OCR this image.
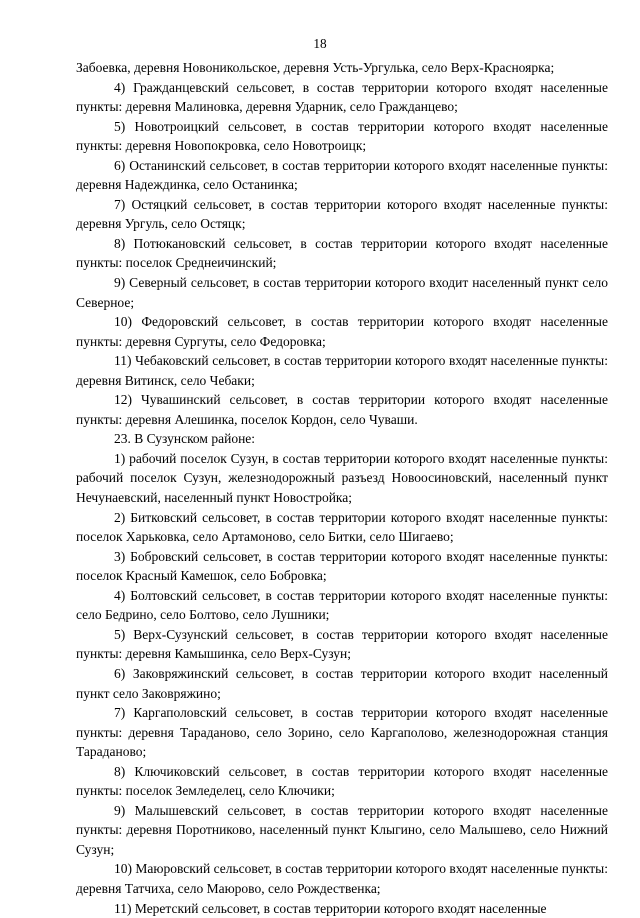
18

Забоевка, деревня Новоникольское, деревня Усть-Ургулька, село Верх-Красноярка;

4) Гражданцевский сельсовет, в состав территории которого входят населенные пункты: деревня Малиновка, деревня Ударник, село Гражданцево;

5) Новотроицкий сельсовет, в состав территории которого входят населенные пункты: деревня Новопокровка, село Новотроицк;

6) Останинский сельсовет, в состав территории которого входят населенные пункты: деревня Надеждинка, село Останинка;

7) Остяцкий сельсовет, в состав территории которого входят населенные пункты: деревня Ургуль, село Остяцк;

8) Потюкановский сельсовет, в состав территории которого входят населенные пункты: поселок Среднеичинский;

9) Северный сельсовет, в состав территории которого входит населенный пункт село Северное;

10) Федоровский сельсовет, в состав территории которого входят населенные пункты: деревня Сургуты, село Федоровка;

11) Чебаковский сельсовет, в состав территории которого входят населенные пункты: деревня Витинск, село Чебаки;

12) Чувашинский сельсовет, в состав территории которого входят населенные пункты: деревня Алешинка, поселок Кордон, село Чуваши.

23. В Сузунском районе:

1) рабочий поселок Сузун, в состав территории которого входят населенные пункты: рабочий поселок Сузун, железнодорожный разъезд Новоосиновский, населенный пункт Нечунаевский, населенный пункт Новостройка;

2) Битковский сельсовет, в состав территории которого входят населенные пункты: поселок Харьковка, село Артамоново, село Битки, село Шигаево;

3) Бобровский сельсовет, в состав территории которого входят населенные пункты: поселок Красный Камешок, село Бобровка;

4) Болтовский сельсовет, в состав территории которого входят населенные пункты: село Бедрино, село Болтово, село Лушники;

5) Верх-Сузунский сельсовет, в состав территории которого входят населенные пункты: деревня Камышинка, село Верх-Сузун;

6) Заковряжинский сельсовет, в состав территории которого входит населенный пункт село Заковряжино;

7) Каргаполовский сельсовет, в состав территории которого входят населенные пункты: деревня Тараданово, село Зорино, село Каргаполово, железнодорожная станция Тараданово;

8) Ключиковский сельсовет, в состав территории которого входят населенные пункты: поселок Земледелец, село Ключики;

9) Малышевский сельсовет, в состав территории которого входят населенные пункты: деревня Поротниково, населенный пункт Клыгино, село Малышево, село Нижний Сузун;

10) Маюровский сельсовет, в состав территории которого входят населенные пункты: деревня Татчиха, село Маюрово, село Рождественка;

11) Меретский сельсовет, в состав территории которого входят населенные
